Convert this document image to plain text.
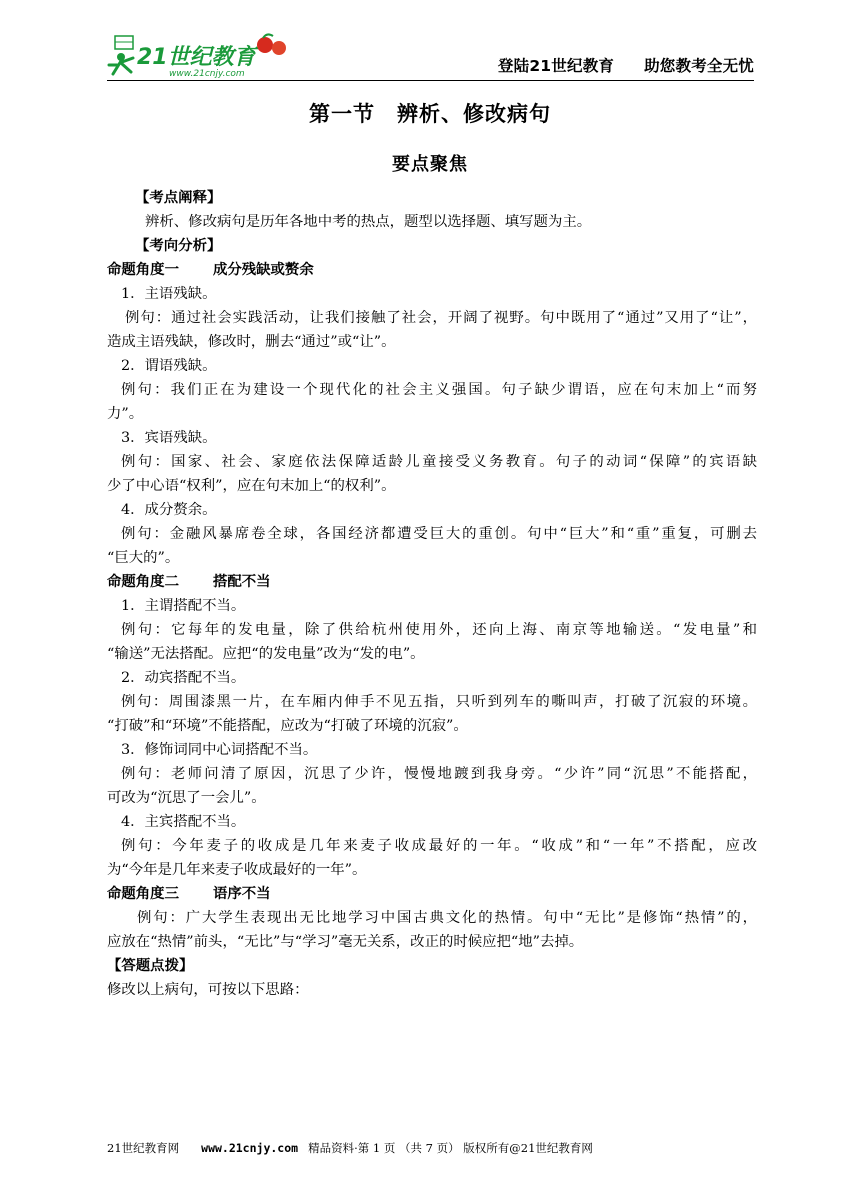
21世纪教育
www.21cnjy.com	登陆21世纪教育 助您教考全无忧
第一节 辨析、修改病句
要点聚焦
【考点阐释】
辨析、修改病句是历年各地中考的热点，题型以选择题、填写题为主。
【考向分析】
命题角度一 成分残缺或赘余
1．主语残缺。
例句：通过社会实践活动，让我们接触了社会，开阔了视野。句中既用了“通过”又用了“让”，
造成主语残缺，修改时，删去“通过”或“让”。
2．谓语残缺。
例句：我们正在为建设一个现代化的社会主义强国。句子缺少谓语，应在句末加上“而努
力”。
3．宾语残缺。
例句：国家、社会、家庭依法保障适龄儿童接受义务教育。句子的动词“保障”的宾语缺
少了中心语“权利”，应在句末加上“的权利”。
4．成分赘余。
例句：金融风暴席卷全球，各国经济都遭受巨大的重创。句中“巨大”和“重”重复，可删去
“巨大的”。
命题角度二 搭配不当
1．主谓搭配不当。
例句：它每年的发电量，除了供给杭州使用外，还向上海、南京等地输送。“发电量”和
“输送”无法搭配。应把“的发电量”改为“发的电”。
2．动宾搭配不当。
例句：周围漆黑一片，在车厢内伸手不见五指，只听到列车的嘶叫声，打破了沉寂的环境。
“打破”和“环境”不能搭配，应改为“打破了环境的沉寂”。
3．修饰词同中心词搭配不当。
例句：老师问清了原因，沉思了少许，慢慢地踱到我身旁。“少许”同“沉思”不能搭配，
可改为“沉思了一会儿”。
4．主宾搭配不当。
例句：今年麦子的收成是几年来麦子收成最好的一年。“收成”和“一年”不搭配，应改
为“今年是几年来麦子收成最好的一年”。
命题角度三 语序不当
例句：广大学生表现出无比地学习中国古典文化的热情。句中“无比”是修饰“热情”的，
应放在“热情”前头，“无比”与“学习”毫无关系，改正的时候应把“地”去掉。
【答题点拨】
修改以上病句，可按以下思路：
21世纪教育网 www.21cnjy.com 精品资料·第 1 页 （共 7 页） 版权所有@21世纪教育网
